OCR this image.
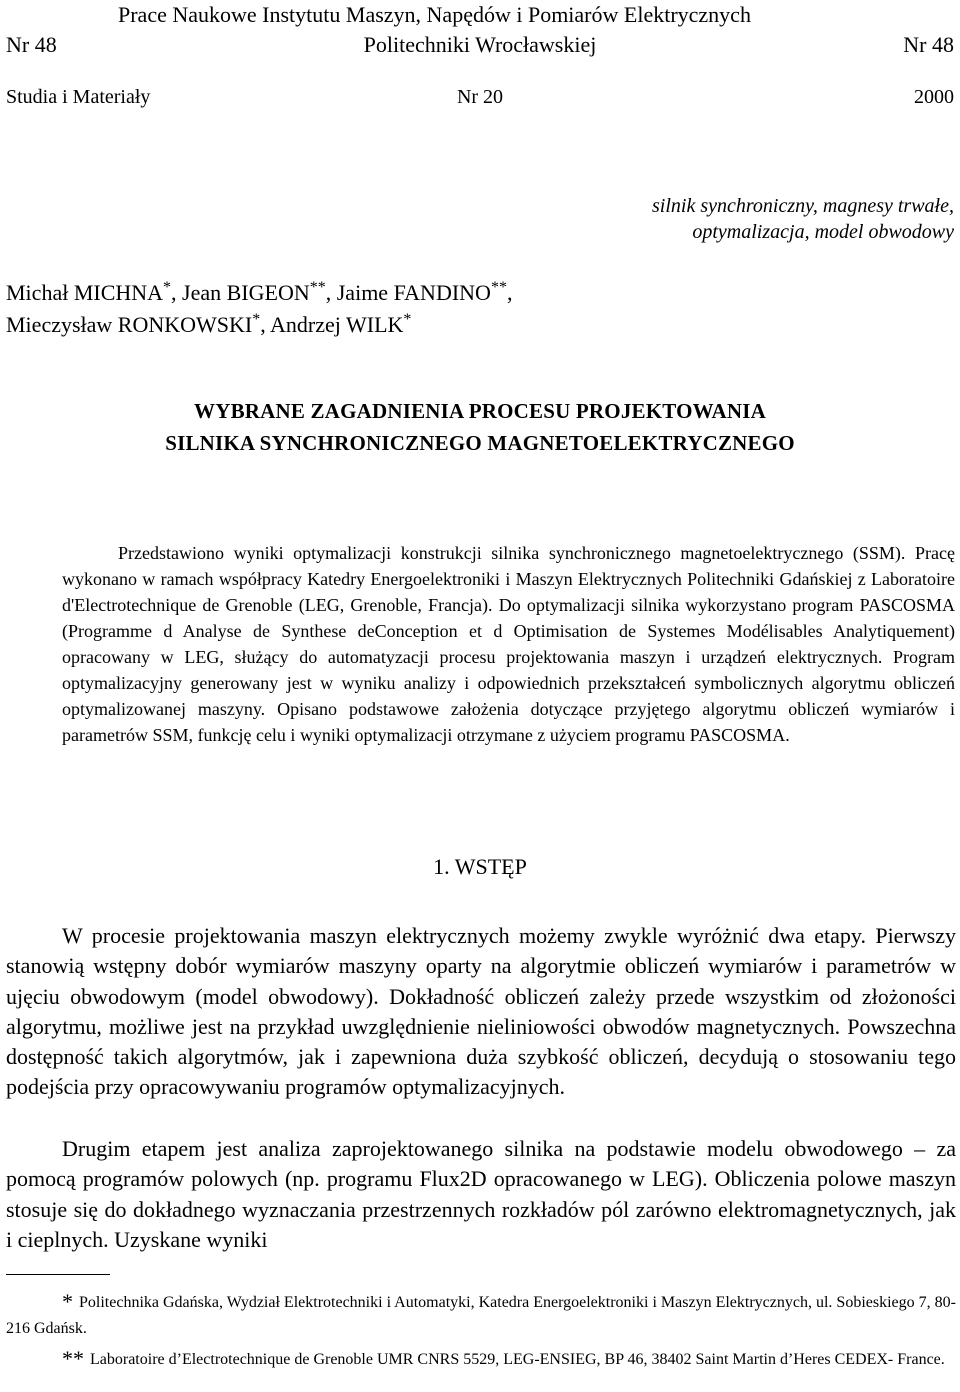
Prace Naukowe Instytutu Maszyn, Napędów i Pomiarów Elektrycznych
Nr 48	Politechniki Wrocławskiej	Nr 48
Studia i Materiały	Nr 20	2000
silnik synchroniczny, magnesy trwałe,
optymalizacja, model obwodowy
Michał MICHNA*, Jean BIGEON**, Jaime FANDINO**,
Mieczysław RONKOWSKI*, Andrzej WILK*
WYBRANE ZAGADNIENIA PROCESU PROJEKTOWANIA
SILNIKA SYNCHRONICZNEGO MAGNETOELEKTRYCZNEGO
Przedstawiono wyniki optymalizacji konstrukcji silnika synchronicznego magnetoelektrycznego (SSM). Pracę wykonano w ramach współpracy Katedry Energoelektroniki i Maszyn Elektrycznych Politechniki Gdańskiej z Laboratoire d'Electrotechnique de Grenoble (LEG, Grenoble, Francja). Do optymalizacji silnika wykorzystano program PASCOSMA (Programme d Analyse de Synthese deConception et d Optimisation de Systemes Modélisables Analytiquement) opracowany w LEG, służący do automatyzacji procesu projektowania maszyn i urządzeń elektrycznych. Program optymalizacyjny generowany jest w wyniku analizy i odpowiednich przekształceń symbolicznych algorytmu obliczeń optymalizowanej maszyny. Opisano podstawowe założenia dotyczące przyjętego algorytmu obliczeń wymiarów i parametrów SSM, funkcję celu i wyniki optymalizacji otrzymane z użyciem programu PASCOSMA.
1. WSTĘP
W procesie projektowania maszyn elektrycznych możemy zwykle wyróżnić dwa etapy. Pierwszy stanowią wstępny dobór wymiarów maszyny oparty na algorytmie obliczeń wymiarów i parametrów w ujęciu obwodowym (model obwodowy). Dokładność obliczeń zależy przede wszystkim od złożoności algorytmu, możliwe jest na przykład uwzględnienie nieliniowości obwodów magnetycznych. Powszechna dostępność takich algorytmów, jak i zapewniona duża szybkość obliczeń, decydują o stosowaniu tego podejścia przy opracowywaniu programów optymalizacyjnych.
Drugim etapem jest analiza zaprojektowanego silnika na podstawie modelu obwodowego – za pomocą programów polowych (np. programu Flux2D opracowanego w LEG). Obliczenia polowe maszyn stosuje się do dokładnego wyznaczania przestrzennych rozkładów pól zarówno elektromagnetycznych, jak i cieplnych. Uzyskane wyniki
* Politechnika Gdańska, Wydział Elektrotechniki i Automatyki, Katedra Energoelektroniki i Maszyn Elektrycznych, ul. Sobieskiego 7, 80-216 Gdańsk.
** Laboratoire d’Electrotechnique de Grenoble UMR CNRS 5529, LEG-ENSIEG, BP 46, 38402 Saint Martin d’Heres CEDEX- France.
